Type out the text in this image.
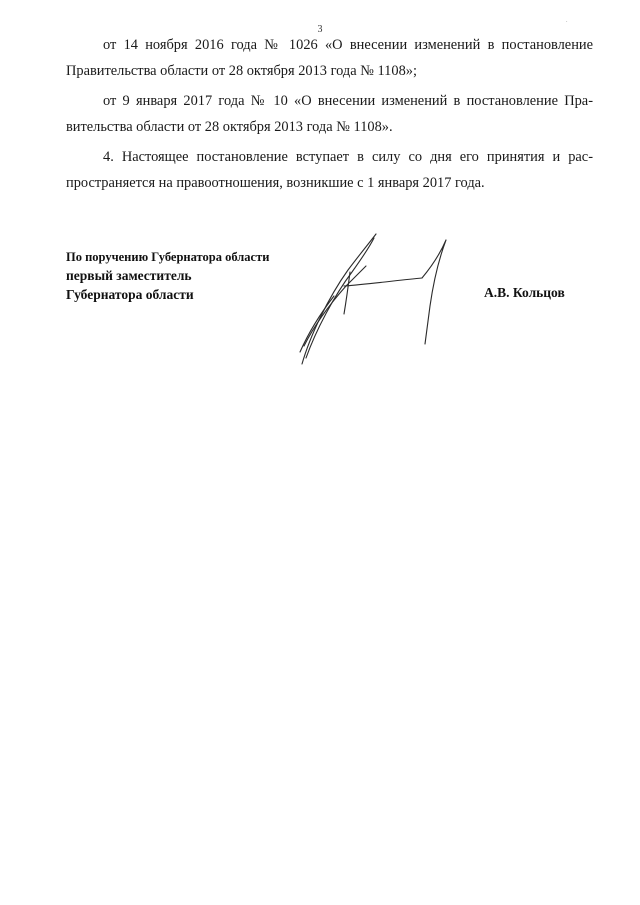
3
.
от 14 ноября 2016 года № 1026 «О внесении изменений в постановление
Правительства области от 28 октября 2013 года № 1108»;
от 9 января 2017 года № 10 «О внесении изменений в постановление Пра-
вительства области от 28 октября 2013 года № 1108».
4. Настоящее постановление вступает в силу со дня его принятия и рас-
пространяется на правоотношения, возникшие с 1 января 2017 года.
По поручению Губернатора области
первый заместитель
Губернатора области	А.В. Кольцов
